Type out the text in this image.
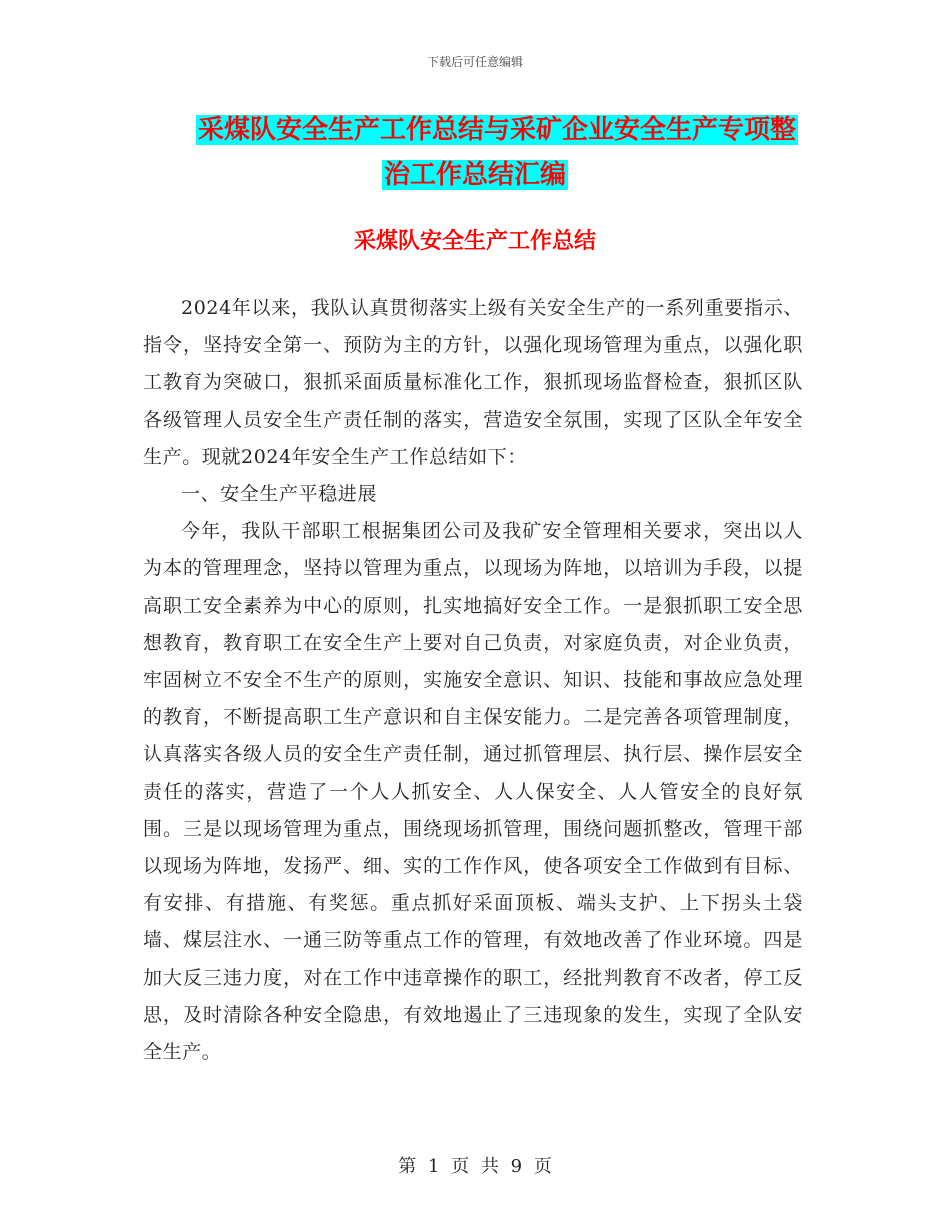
下载后可任意编辑
采煤队安全生产工作总结与采矿企业安全生产专项整
治工作总结汇编
采煤队安全生产工作总结

2024年以来，我队认真贯彻落实上级有关安全生产的一系列重要指示、指令，坚持安全第一、预防为主的方针，以强化现场管理为重点，以强化职工教育为突破口，狠抓采面质量标准化工作，狠抓现场监督检查，狠抓区队各级管理人员安全生产责任制的落实，营造安全氛围，实现了区队全年安全生产。现就2024年安全生产工作总结如下：

一、安全生产平稳进展

今年，我队干部职工根据集团公司及我矿安全管理相关要求，突出以人为本的管理理念，坚持以管理为重点，以现场为阵地，以培训为手段，以提高职工安全素养为中心的原则，扎实地搞好安全工作。一是狠抓职工安全思想教育，教育职工在安全生产上要对自己负责，对家庭负责，对企业负责，牢固树立不安全不生产的原则，实施安全意识、知识、技能和事故应急处理的教育，不断提高职工生产意识和自主保安能力。二是完善各项管理制度，认真落实各级人员的安全生产责任制，通过抓管理层、执行层、操作层安全责任的落实，营造了一个人人抓安全、人人保安全、人人管安全的良好氛围。三是以现场管理为重点，围绕现场抓管理，围绕问题抓整改，管理干部以现场为阵地，发扬严、细、实的工作作风，使各项安全工作做到有目标、有安排、有措施、有奖惩。重点抓好采面顶板、端头支护、上下拐头土袋墙、煤层注水、一通三防等重点工作的管理，有效地改善了作业环境。四是加大反三违力度，对在工作中违章操作的职工，经批判教育不改者，停工反思，及时清除各种安全隐患，有效地遏止了三违现象的发生，实现了全队安全生产。

第 1 页 共 9 页
